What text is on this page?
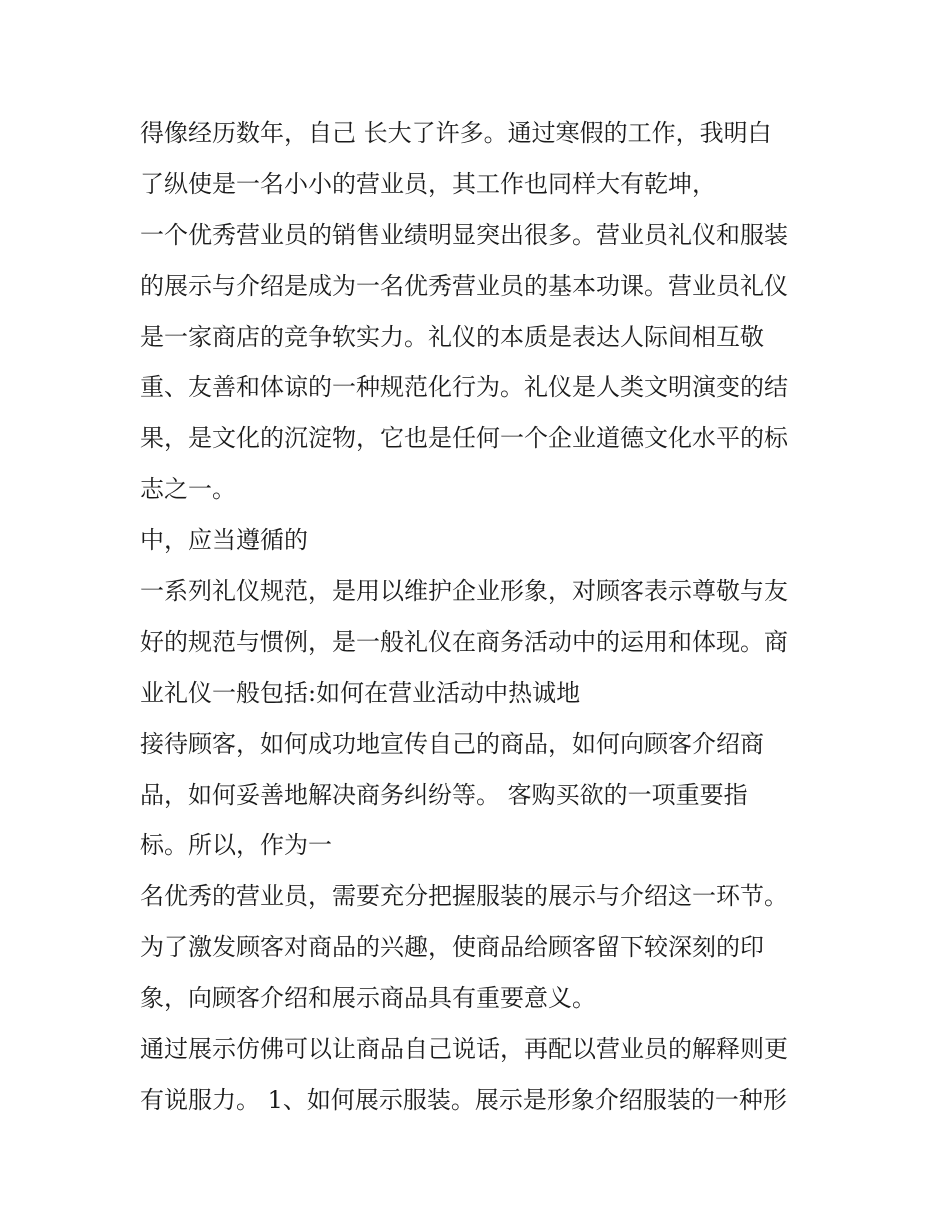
得像经历数年，自己 长大了许多。通过寒假的工作，我明白
了纵使是一名小小的营业员，其工作也同样大有乾坤，
一个优秀营业员的销售业绩明显突出很多。营业员礼仪和服装
的展示与介绍是成为一名优秀营业员的基本功课。营业员礼仪
是一家商店的竞争软实力。礼仪的本质是表达人际间相互敬
重、友善和体谅的一种规范化行为。礼仪是人类文明演变的结
果，是文化的沉淀物，它也是任何一个企业道德文化水平的标
志之一。
中，应当遵循的
一系列礼仪规范，是用以维护企业形象，对顾客表示尊敬与友
好的规范与惯例，是一般礼仪在商务活动中的运用和体现。商
业礼仪一般包括:如何在营业活动中热诚地
接待顾客，如何成功地宣传自己的商品，如何向顾客介绍商
品，如何妥善地解决商务纠纷等。 客购买欲的一项重要指
标。所以，作为一
名优秀的营业员，需要充分把握服装的展示与介绍这一环节。
为了激发顾客对商品的兴趣，使商品给顾客留下较深刻的印
象，向顾客介绍和展示商品具有重要意义。
通过展示仿佛可以让商品自己说话，再配以营业员的解释则更
有说服力。 1、如何展示服装。展示是形象介绍服装的一种形
